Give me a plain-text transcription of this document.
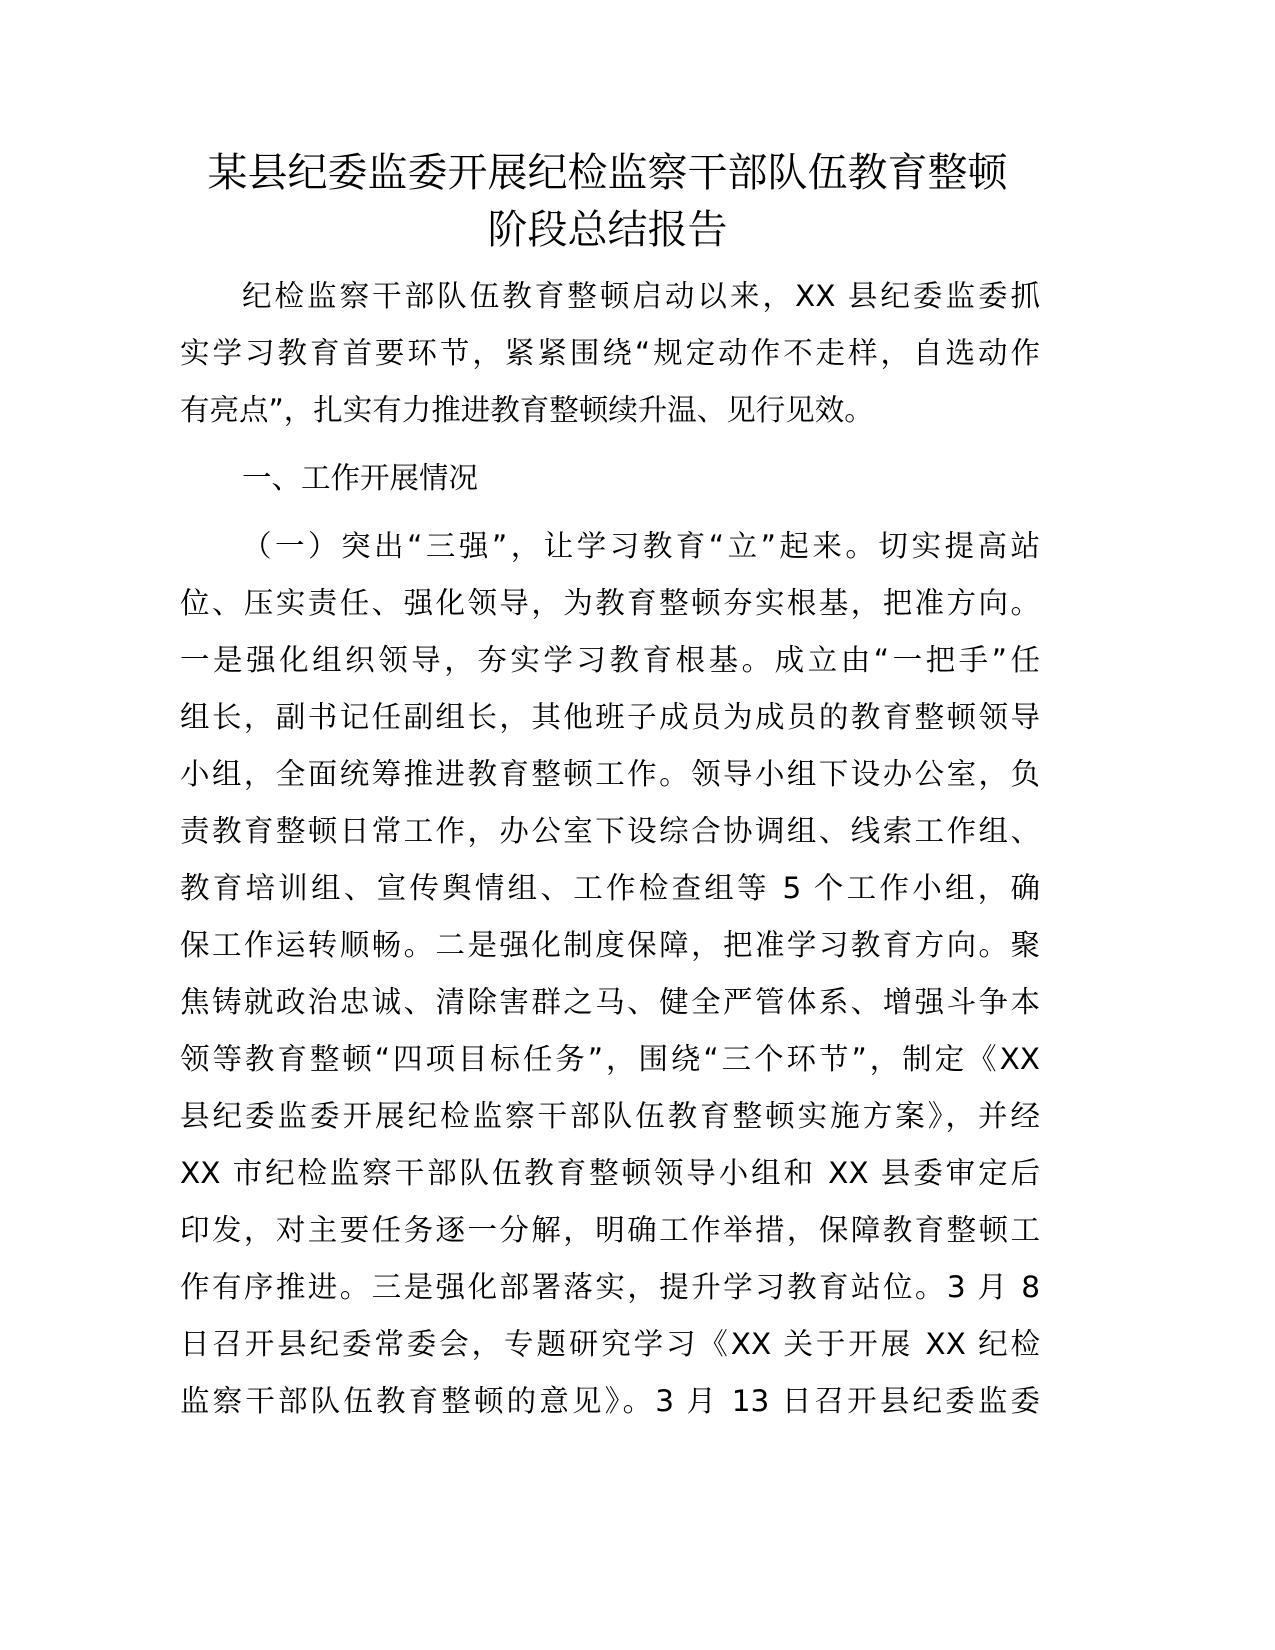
某县纪委监委开展纪检监察干部队伍教育整顿
阶段总结报告
纪检监察干部队伍教育整顿启动以来，XX 县纪委监委抓
实学习教育首要环节，紧紧围绕“规定动作不走样，自选动作
有亮点”，扎实有力推进教育整顿续升温、见行见效。
一、工作开展情况
（一）突出“三强”，让学习教育“立”起来。切实提高站
位、压实责任、强化领导，为教育整顿夯实根基，把准方向。
一是强化组织领导，夯实学习教育根基。成立由“一把手”任
组长，副书记任副组长，其他班子成员为成员的教育整顿领导
小组，全面统筹推进教育整顿工作。领导小组下设办公室，负
责教育整顿日常工作，办公室下设综合协调组、线索工作组、
教育培训组、宣传舆情组、工作检查组等 5 个工作小组，确
保工作运转顺畅。二是强化制度保障，把准学习教育方向。聚
焦铸就政治忠诚、清除害群之马、健全严管体系、增强斗争本
领等教育整顿“四项目标任务”，围绕“三个环节”，制定《XX
县纪委监委开展纪检监察干部队伍教育整顿实施方案》，并经
XX 市纪检监察干部队伍教育整顿领导小组和 XX 县委审定后
印发，对主要任务逐一分解，明确工作举措，保障教育整顿工
作有序推进。三是强化部署落实，提升学习教育站位。3 月 8
日召开县纪委常委会，专题研究学习《XX 关于开展 XX 纪检
监察干部队伍教育整顿的意见》。3 月 13 日召开县纪委监委
